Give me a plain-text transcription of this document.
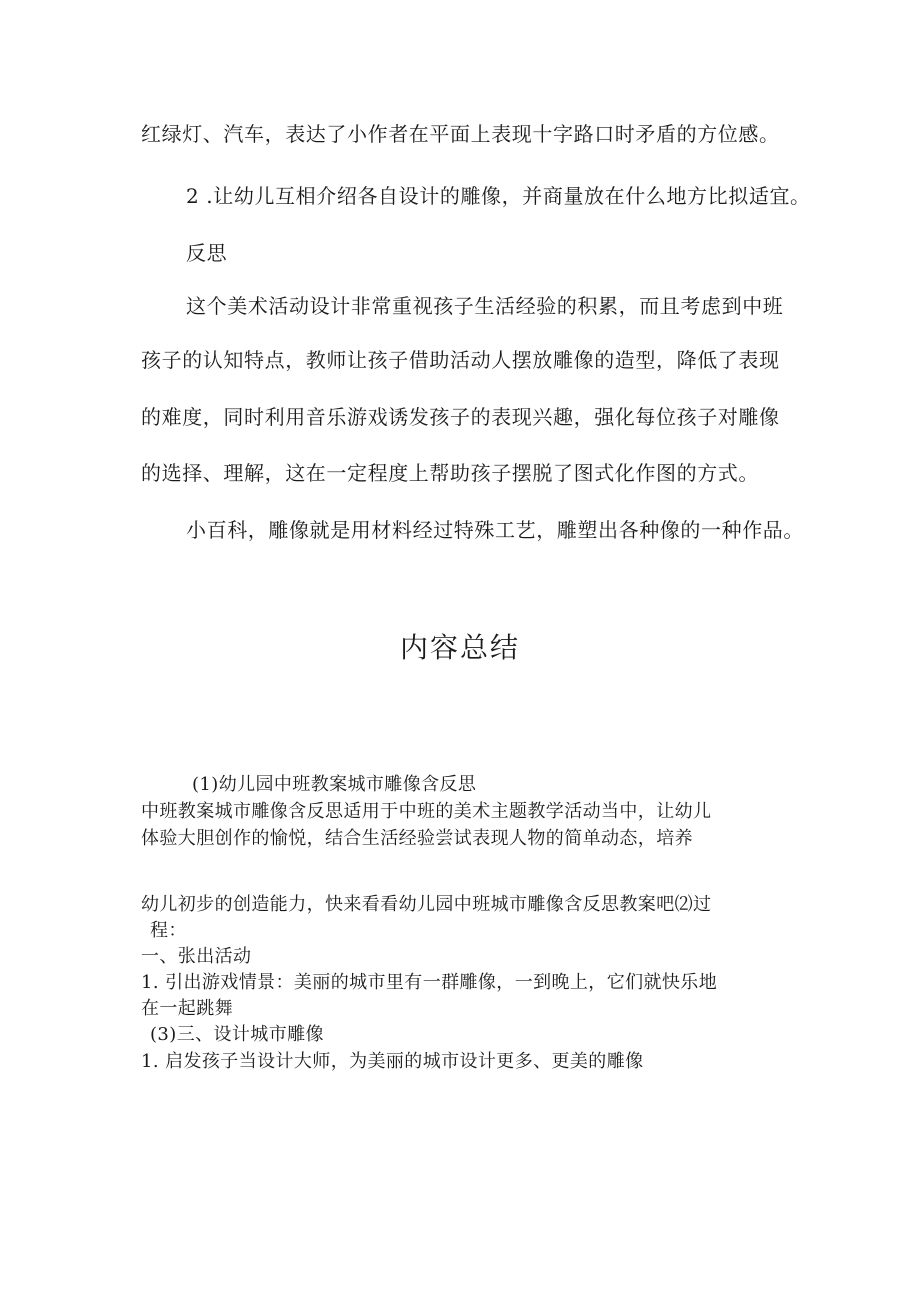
红绿灯、汽车，表达了小作者在平面上表现十字路口时矛盾的方位感。

2 .让幼儿互相介绍各自设计的雕像，并商量放在什么地方比拟适宜。

反思

这个美术活动设计非常重视孩子生活经验的积累，而且考虑到中班

孩子的认知特点，教师让孩子借助活动人摆放雕像的造型，降低了表现

的难度，同时利用音乐游戏诱发孩子的表现兴趣，强化每位孩子对雕像

的选择、理解，这在一定程度上帮助孩子摆脱了图式化作图的方式。

小百科，雕像就是用材料经过特殊工艺，雕塑出各种像的一种作品。

内容总结

(1)幼儿园中班教案城市雕像含反思

中班教案城市雕像含反思适用于中班的美术主题教学活动当中，让幼儿

体验大胆创作的愉悦，结合生活经验尝试表现人物的简单动态，培养

幼儿初步的创造能力，快来看看幼儿园中班城市雕像含反思教案吧⑵过

程：

一、张出活动

1. 引出游戏情景：美丽的城市里有一群雕像，一到晚上，它们就快乐地

在一起跳舞

(3)三、设计城市雕像

1. 启发孩子当设计大师，为美丽的城市设计更多、更美的雕像
